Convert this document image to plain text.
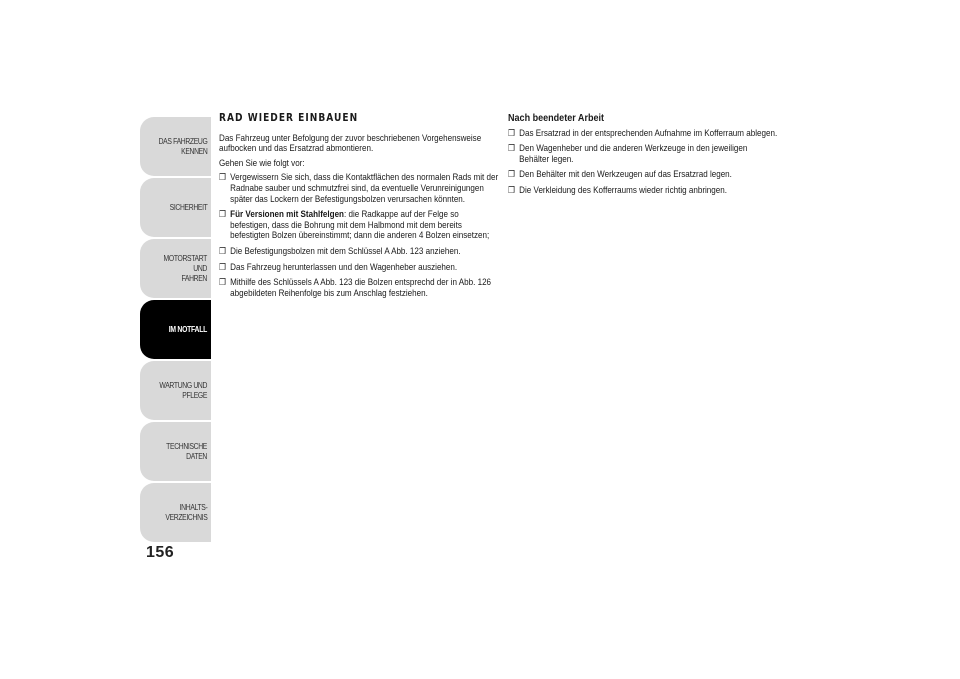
DAS FAHRZEUG
KENNEN
SICHERHEIT
MOTORSTART UND
FAHREN
IM NOTFALL
WARTUNG UND
PFLEGE
TECHNISCHE DATEN
INHALTS-
VERZEICHNIS
156
RAD WIEDER EINBAUEN

Das Fahrzeug unter Befolgung der zuvor beschriebenen Vorgehensweise aufbocken und das Ersatzrad abmontieren.

Gehen Sie wie folgt vor:

❒ Vergewissern Sie sich, dass die Kontaktflächen des normalen Rads mit der Radnabe sauber und schmutzfrei sind, da eventuelle Verunreinigungen später das Lockern der Befestigungsbolzen verursachen könnten.
❒ Für Versionen mit Stahlfelgen: die Radkappe auf der Felge so befestigen, dass die Bohrung mit dem Halbmond mit dem bereits befestigten Bolzen übereinstimmt; dann die anderen 4 Bolzen einsetzen;
❒ Die Befestigungsbolzen mit dem Schlüssel A Abb. 123 anziehen.
❒ Das Fahrzeug herunterlassen und den Wagenheber ausziehen.
❒ Mithilfe des Schlüssels A Abb. 123 die Bolzen entsprechd der in Abb. 126 abgebildeten Reihenfolge bis zum Anschlag festziehen.
Nach beendeter Arbeit
❒ Das Ersatzrad in der entsprechenden Aufnahme im Kofferraum ablegen.
❒ Den Wagenheber und die anderen Werkzeuge in den jeweiligen Behälter legen.
❒ Den Behälter mit den Werkzeugen auf das Ersatzrad legen.
❒ Die Verkleidung des Kofferraums wieder richtig anbringen.
